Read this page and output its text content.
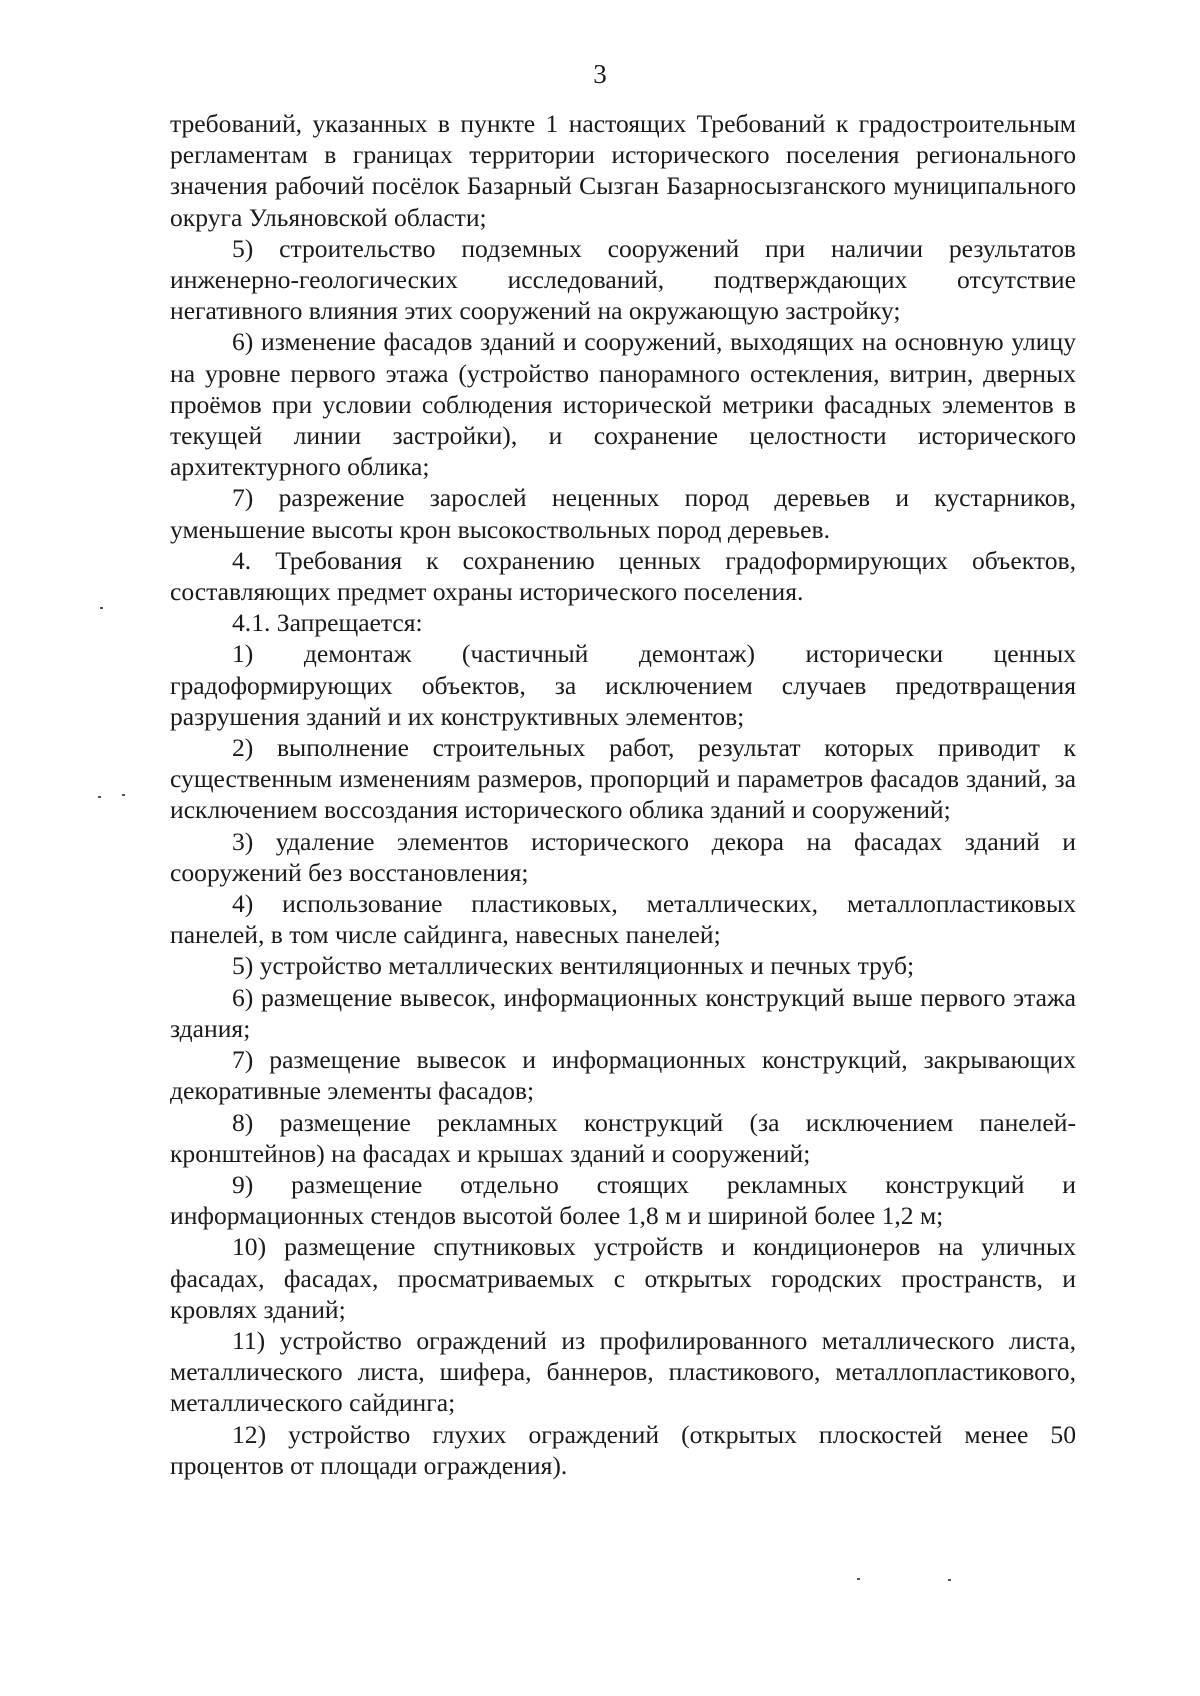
3

требований, указанных в пункте 1 настоящих Требований к градостроительным регламентам в границах территории исторического поселения регионального значения рабочий посёлок Базарный Сызган Базарносызганского муниципального округа Ульяновской области;

5) строительство подземных сооружений при наличии результатов инженерно-геологических исследований, подтверждающих отсутствие негативного влияния этих сооружений на окружающую застройку;

6) изменение фасадов зданий и сооружений, выходящих на основную улицу на уровне первого этажа (устройство панорамного остекления, витрин, дверных проёмов при условии соблюдения исторической метрики фасадных элементов в текущей линии застройки), и сохранение целостности исторического архитектурного облика;

7) разрежение зарослей неценных пород деревьев и кустарников, уменьшение высоты крон высокоствольных пород деревьев.

4. Требования к сохранению ценных градоформирующих объектов, составляющих предмет охраны исторического поселения.

4.1. Запрещается:

1) демонтаж (частичный демонтаж) исторически ценных градоформирующих объектов, за исключением случаев предотвращения разрушения зданий и их конструктивных элементов;

2) выполнение строительных работ, результат которых приводит к существенным изменениям размеров, пропорций и параметров фасадов зданий, за исключением воссоздания исторического облика зданий и сооружений;

3) удаление элементов исторического декора на фасадах зданий и сооружений без восстановления;

4) использование пластиковых, металлических, металлопластиковых панелей, в том числе сайдинга, навесных панелей;

5) устройство металлических вентиляционных и печных труб;

6) размещение вывесок, информационных конструкций выше первого этажа здания;

7) размещение вывесок и информационных конструкций, закрывающих декоративные элементы фасадов;

8) размещение рекламных конструкций (за исключением панелей-кронштейнов) на фасадах и крышах зданий и сооружений;

9) размещение отдельно стоящих рекламных конструкций и информационных стендов высотой более 1,8 м и шириной более 1,2 м;

10) размещение спутниковых устройств и кондиционеров на уличных фасадах, фасадах, просматриваемых с открытых городских пространств, и кровлях зданий;

11) устройство ограждений из профилированного металлического листа, металлического листа, шифера, баннеров, пластикового, металлопластикового, металлического сайдинга;

12) устройство глухих ограждений (открытых плоскостей менее 50 процентов от площади ограждения).
